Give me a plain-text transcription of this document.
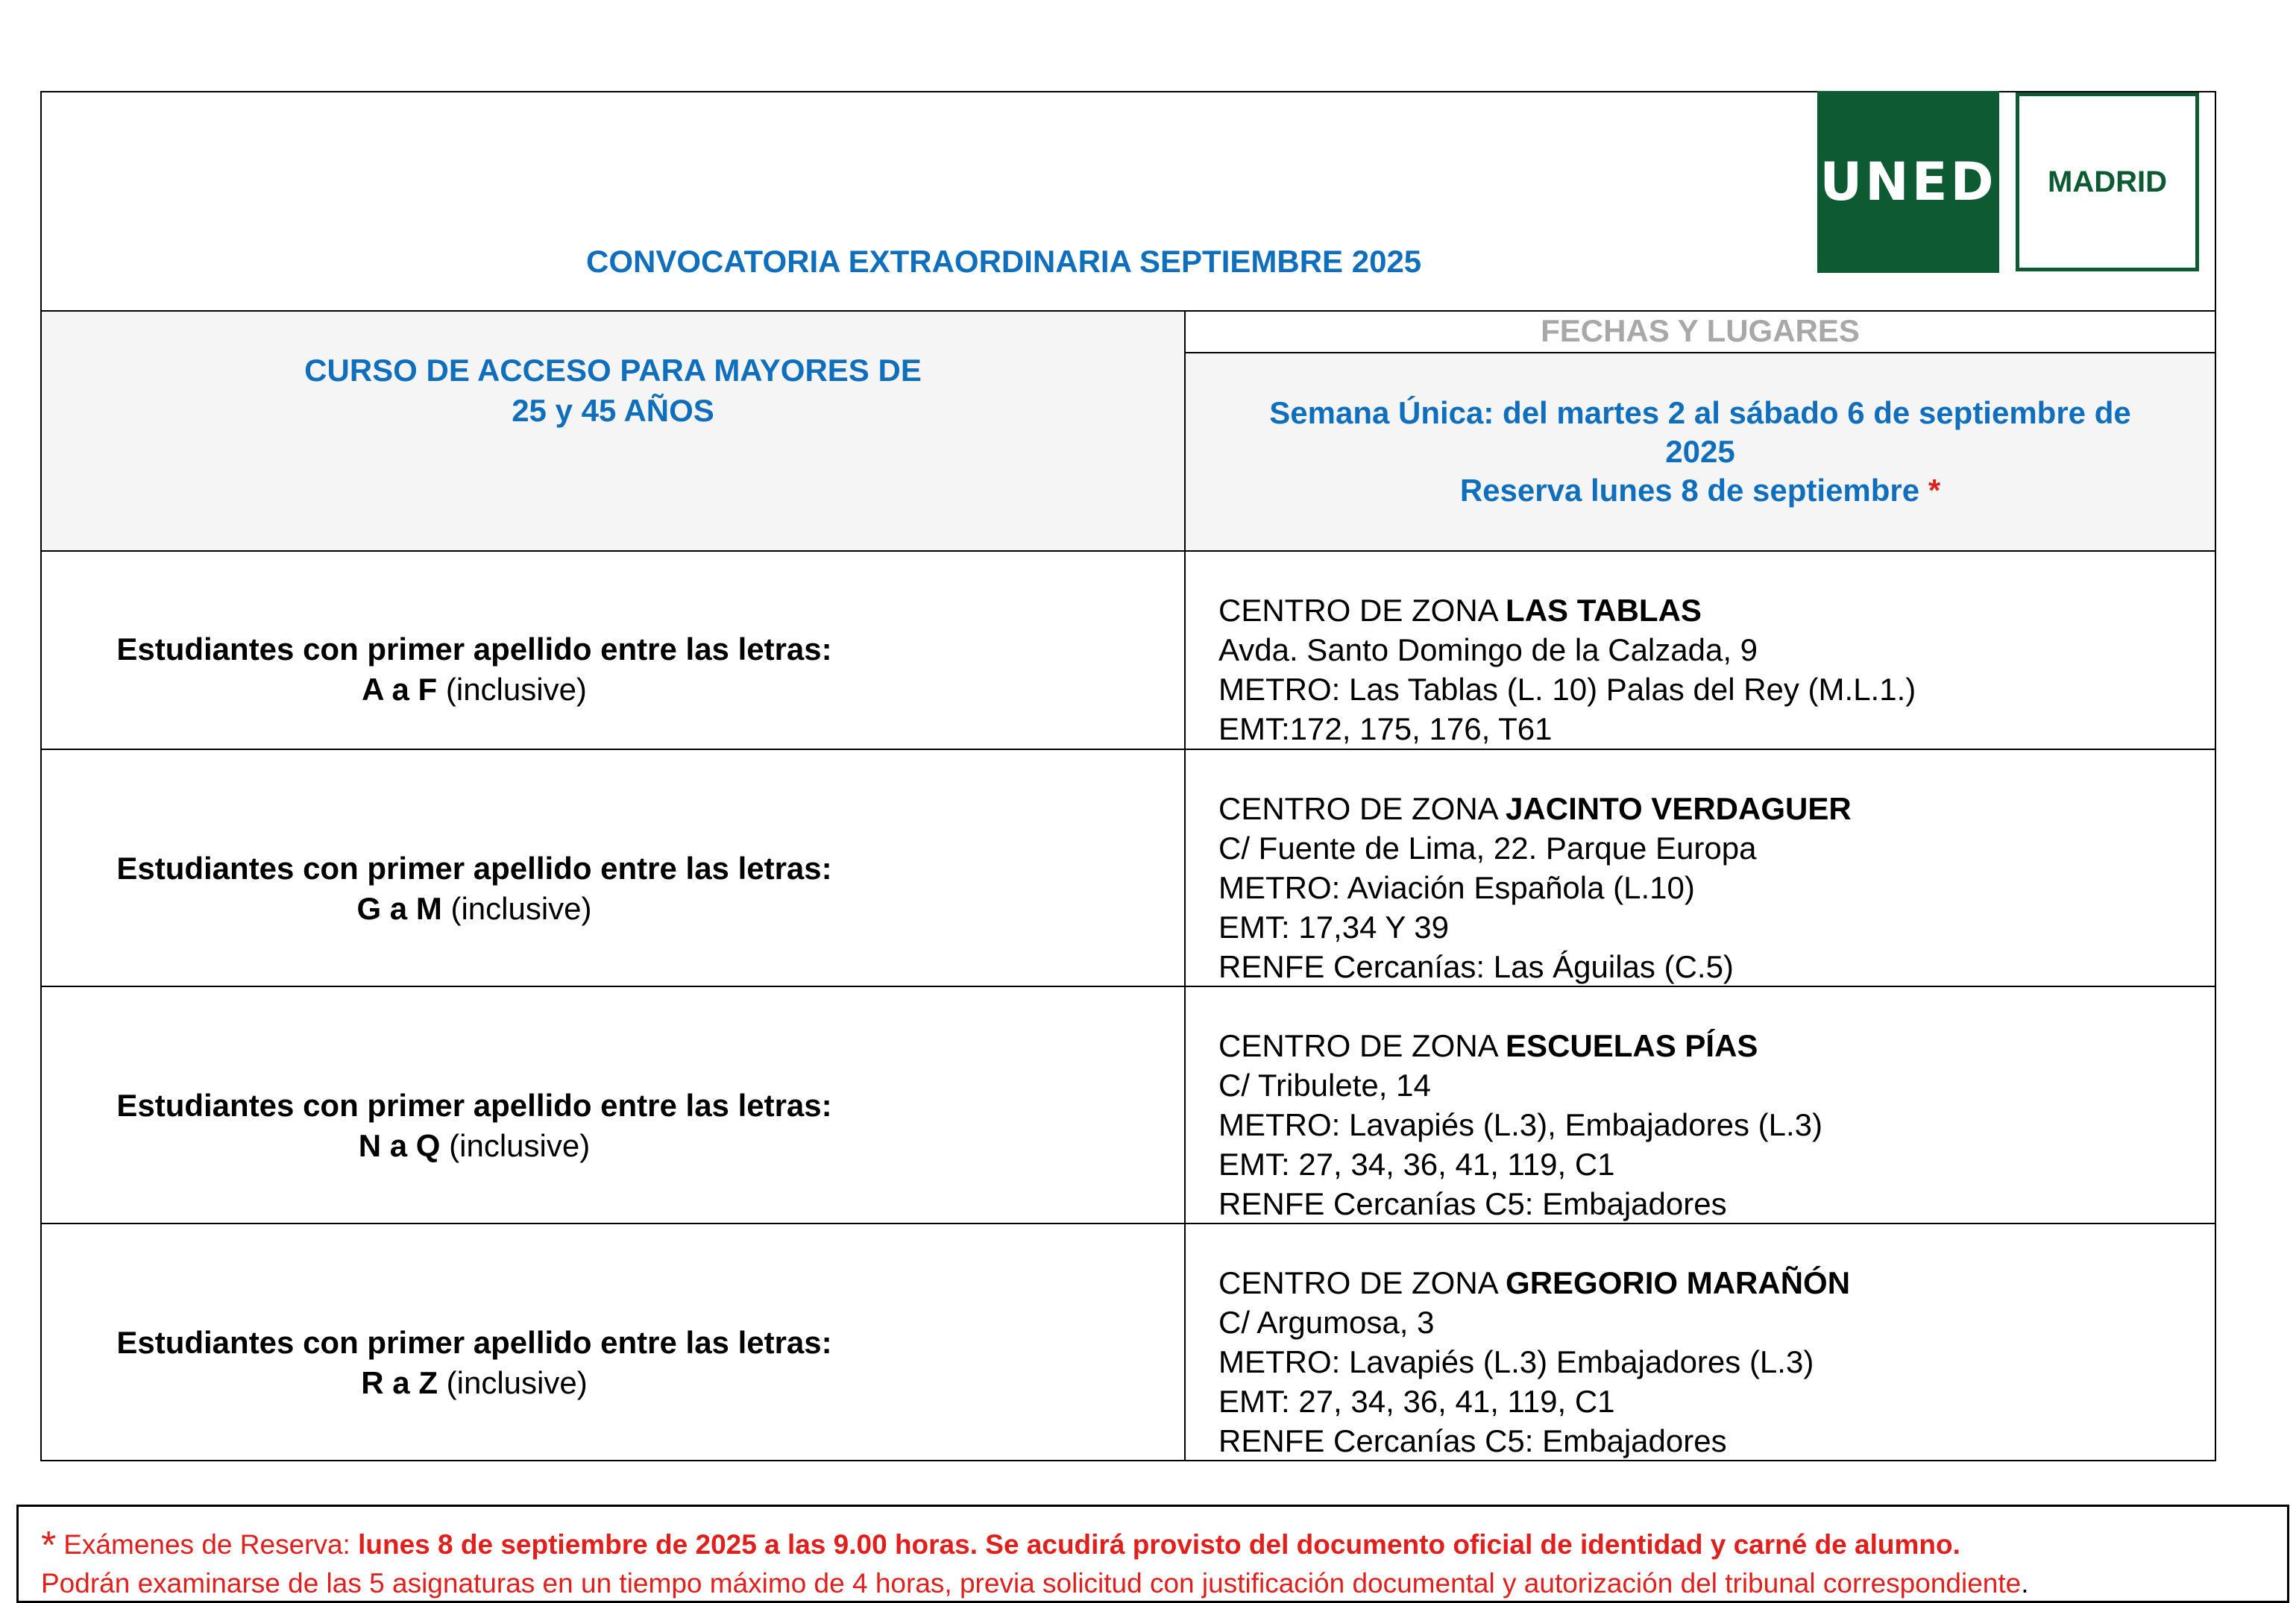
UNED	MADRID
CONVOCATORIA EXTRAORDINARIA SEPTIEMBRE 2025
CURSO DE ACCESO PARA MAYORES DE
25 y 45 AÑOS
FECHAS Y LUGARES
Semana Única: del martes 2 al sábado 6 de septiembre de
2025
Reserva lunes 8 de septiembre *
Estudiantes con primer apellido entre las letras:
A a F (inclusive)
CENTRO DE ZONA LAS TABLAS
Avda. Santo Domingo de la Calzada, 9
METRO: Las Tablas (L. 10) Palas del Rey (M.L.1.)
EMT:172, 175, 176, T61
Estudiantes con primer apellido entre las letras:
G a M (inclusive)
CENTRO DE ZONA JACINTO VERDAGUER
C/ Fuente de Lima, 22. Parque Europa
METRO: Aviación Española (L.10)
EMT: 17,34 Y 39
RENFE Cercanías: Las Águilas (C.5)
Estudiantes con primer apellido entre las letras:
N a Q (inclusive)
CENTRO DE ZONA ESCUELAS PÍAS
C/ Tribulete, 14
METRO: Lavapiés (L.3), Embajadores (L.3)
EMT: 27, 34, 36, 41, 119, C1
RENFE Cercanías C5: Embajadores
Estudiantes con primer apellido entre las letras:
R a Z (inclusive)
CENTRO DE ZONA GREGORIO MARAÑÓN
C/ Argumosa, 3
METRO: Lavapiés (L.3) Embajadores (L.3)
EMT: 27, 34, 36, 41, 119, C1
RENFE Cercanías C5: Embajadores
* Exámenes de Reserva: lunes 8 de septiembre de 2025 a las 9.00 horas. Se acudirá provisto del documento oficial de identidad y carné de alumno.
Podrán examinarse de las 5 asignaturas en un tiempo máximo de 4 horas, previa solicitud con justificación documental y autorización del tribunal correspondiente.
